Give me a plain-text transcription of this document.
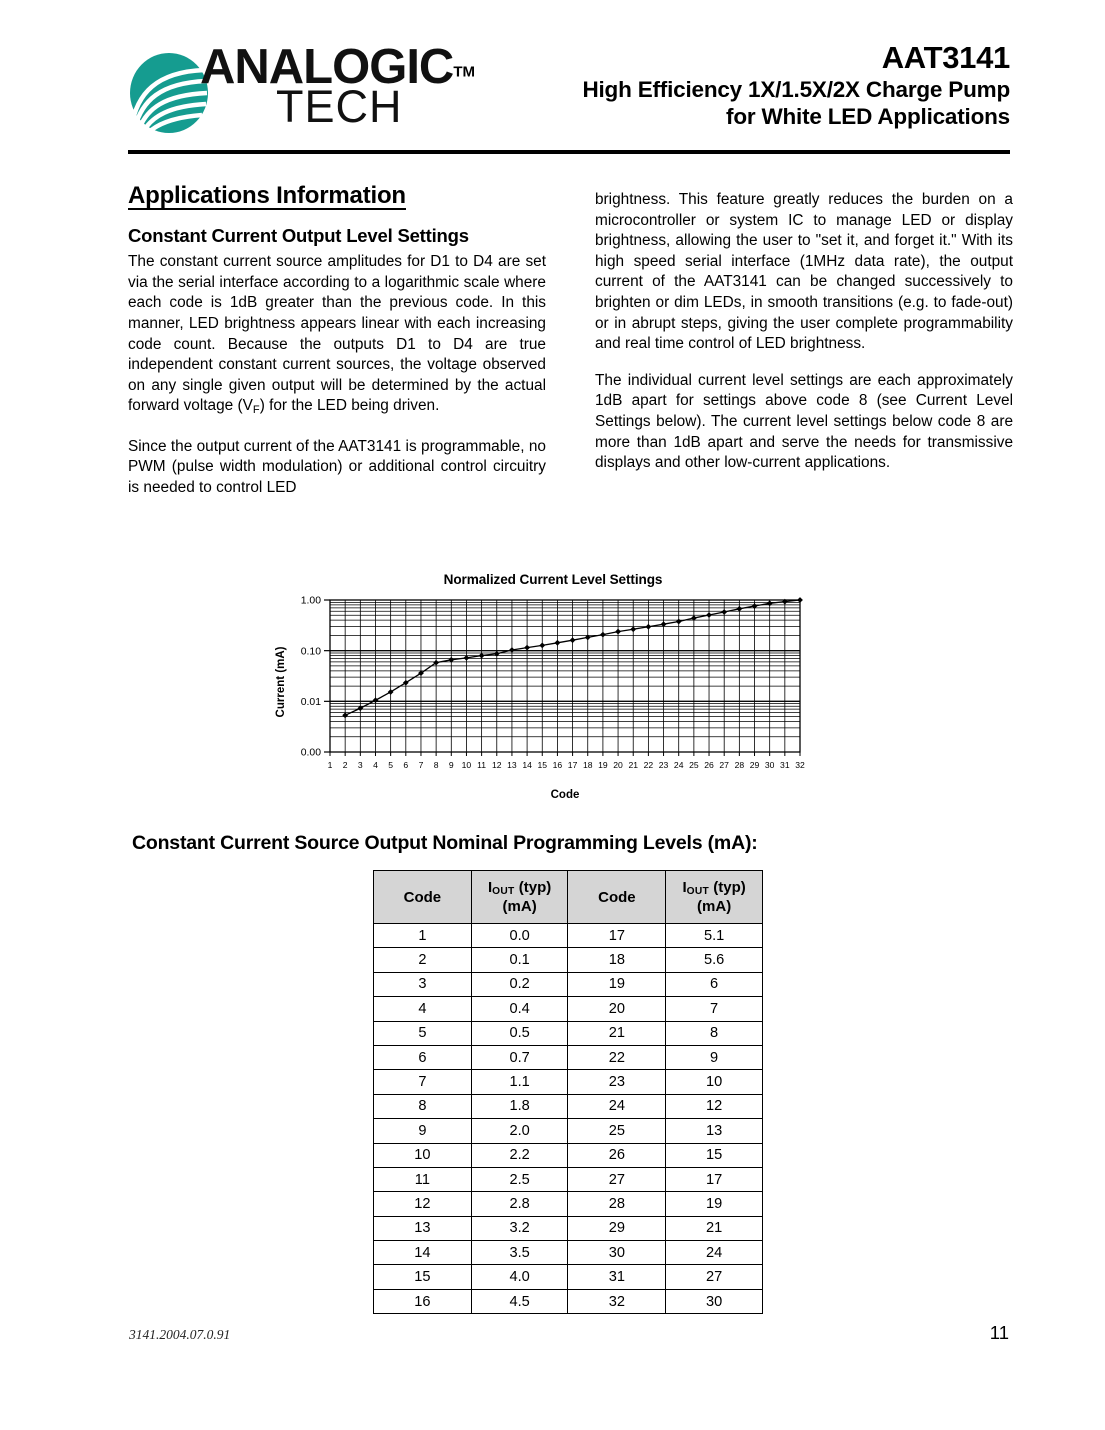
ANALOGICTM
TECH
AAT3141
High Efficiency 1X/1.5X/2X Charge Pump
for White LED Applications
Applications Information
Constant Current Output Level Settings

The constant current source amplitudes for D1 to D4 are set via the serial interface according to a logarithmic scale where each code is 1dB greater than the previous code. In this manner, LED brightness appears linear with each increasing code count. Because the outputs D1 to D4 are true independent constant current sources, the voltage observed on any single given output will be determined by the actual forward voltage $(V_F)$ for the LED being driven.

Since the output current of the AAT3141 is programmable, no PWM (pulse width modulation) or additional control circuitry is needed to control LED

brightness. This feature greatly reduces the burden on a microcontroller or system IC to manage LED or display brightness, allowing the user to "set it, and forget it." With its high speed serial interface (1MHz data rate), the output current of the AAT3141 can be changed successively to brighten or dim LEDs, in smooth transitions (e.g. to fade-out) or in abrupt steps, giving the user complete programmability and real time control of LED brightness.

The individual current level settings are each approximately 1dB apart for settings above code 8 (see Current Level Settings below). The current level settings below code 8 are more than 1dB apart and serve the needs for transmissive displays and other low-current applications.

Normalized Current Level Settings
1.00
0.10
0.01
0.00
1 2 3 4 5 6 7 8 9 10 11 12 13 14 15 16 17 18 19 20 21 22 23 24 25 26 27 28 29 30 31 32
Current (mA)
Code
Constant Current Source Output Nominal Programming Levels (mA):
Code	IOUT (typ)
(mA)	Code	IOUT (typ)
(mA)

1	0.0	17	5.1
2	0.1	18	5.6
3	0.2	19	6
4	0.4	20	7
5	0.5	21	8
6	0.7	22	9
7	1.1	23	10
8	1.8	24	12
9	2.0	25	13
10	2.2	26	15
11	2.5	27	17
12	2.8	28	19
13	3.2	29	21
14	3.5	30	24
15	4.0	31	27
16	4.5	32	30
3141.2004.07.0.91	11
